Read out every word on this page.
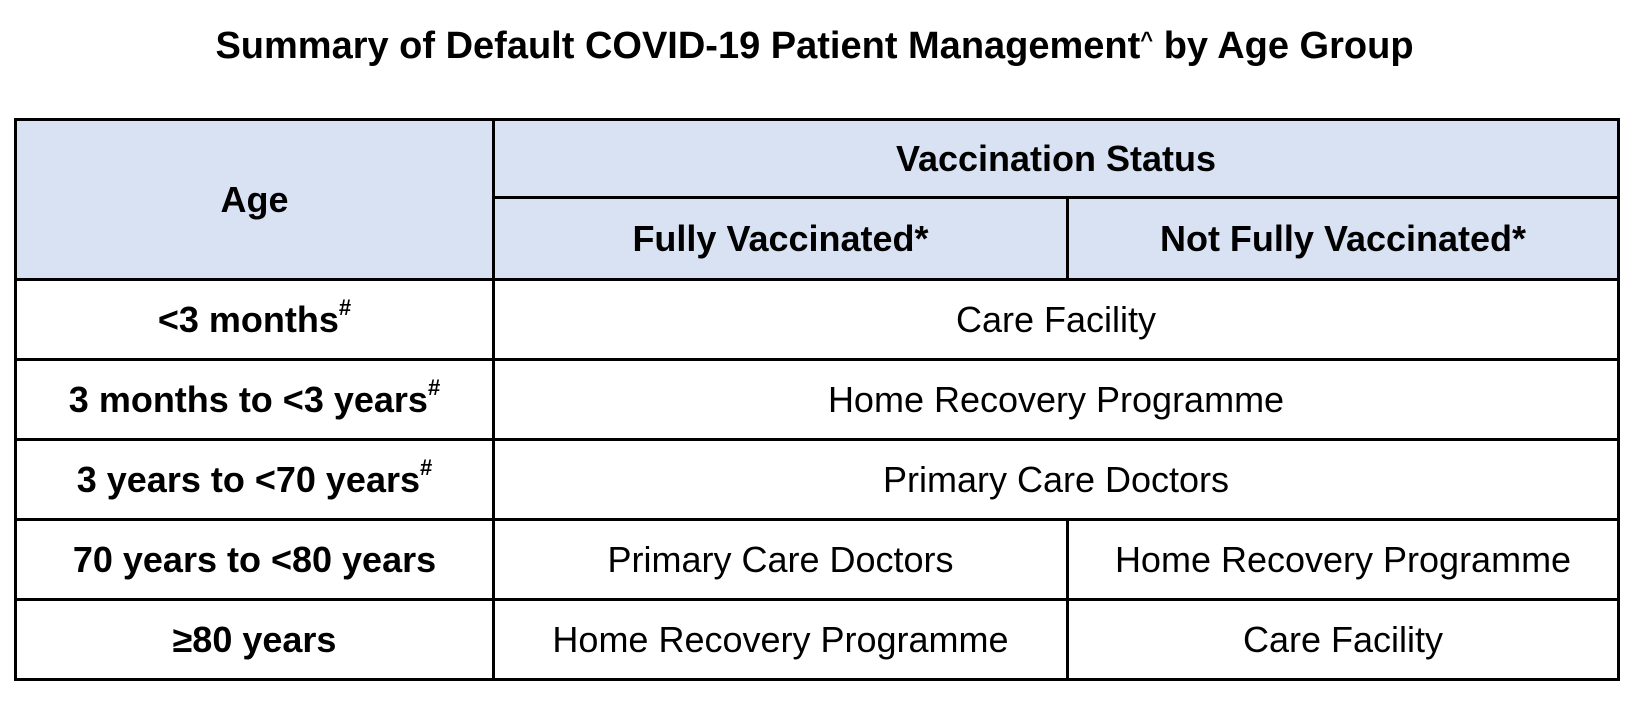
Summary of Default COVID-19 Patient Management^ by Age Group
Age	Vaccination Status	
	Fully Vaccinated*	Not Fully Vaccinated*
<3 months#	Care Facility	
3 months to <3 years#	Home Recovery Programme	
3 years to <70 years#	Primary Care Doctors	
70 years to <80 years	Primary Care Doctors	Home Recovery Programme
≥80 years	Home Recovery Programme	Care Facility
